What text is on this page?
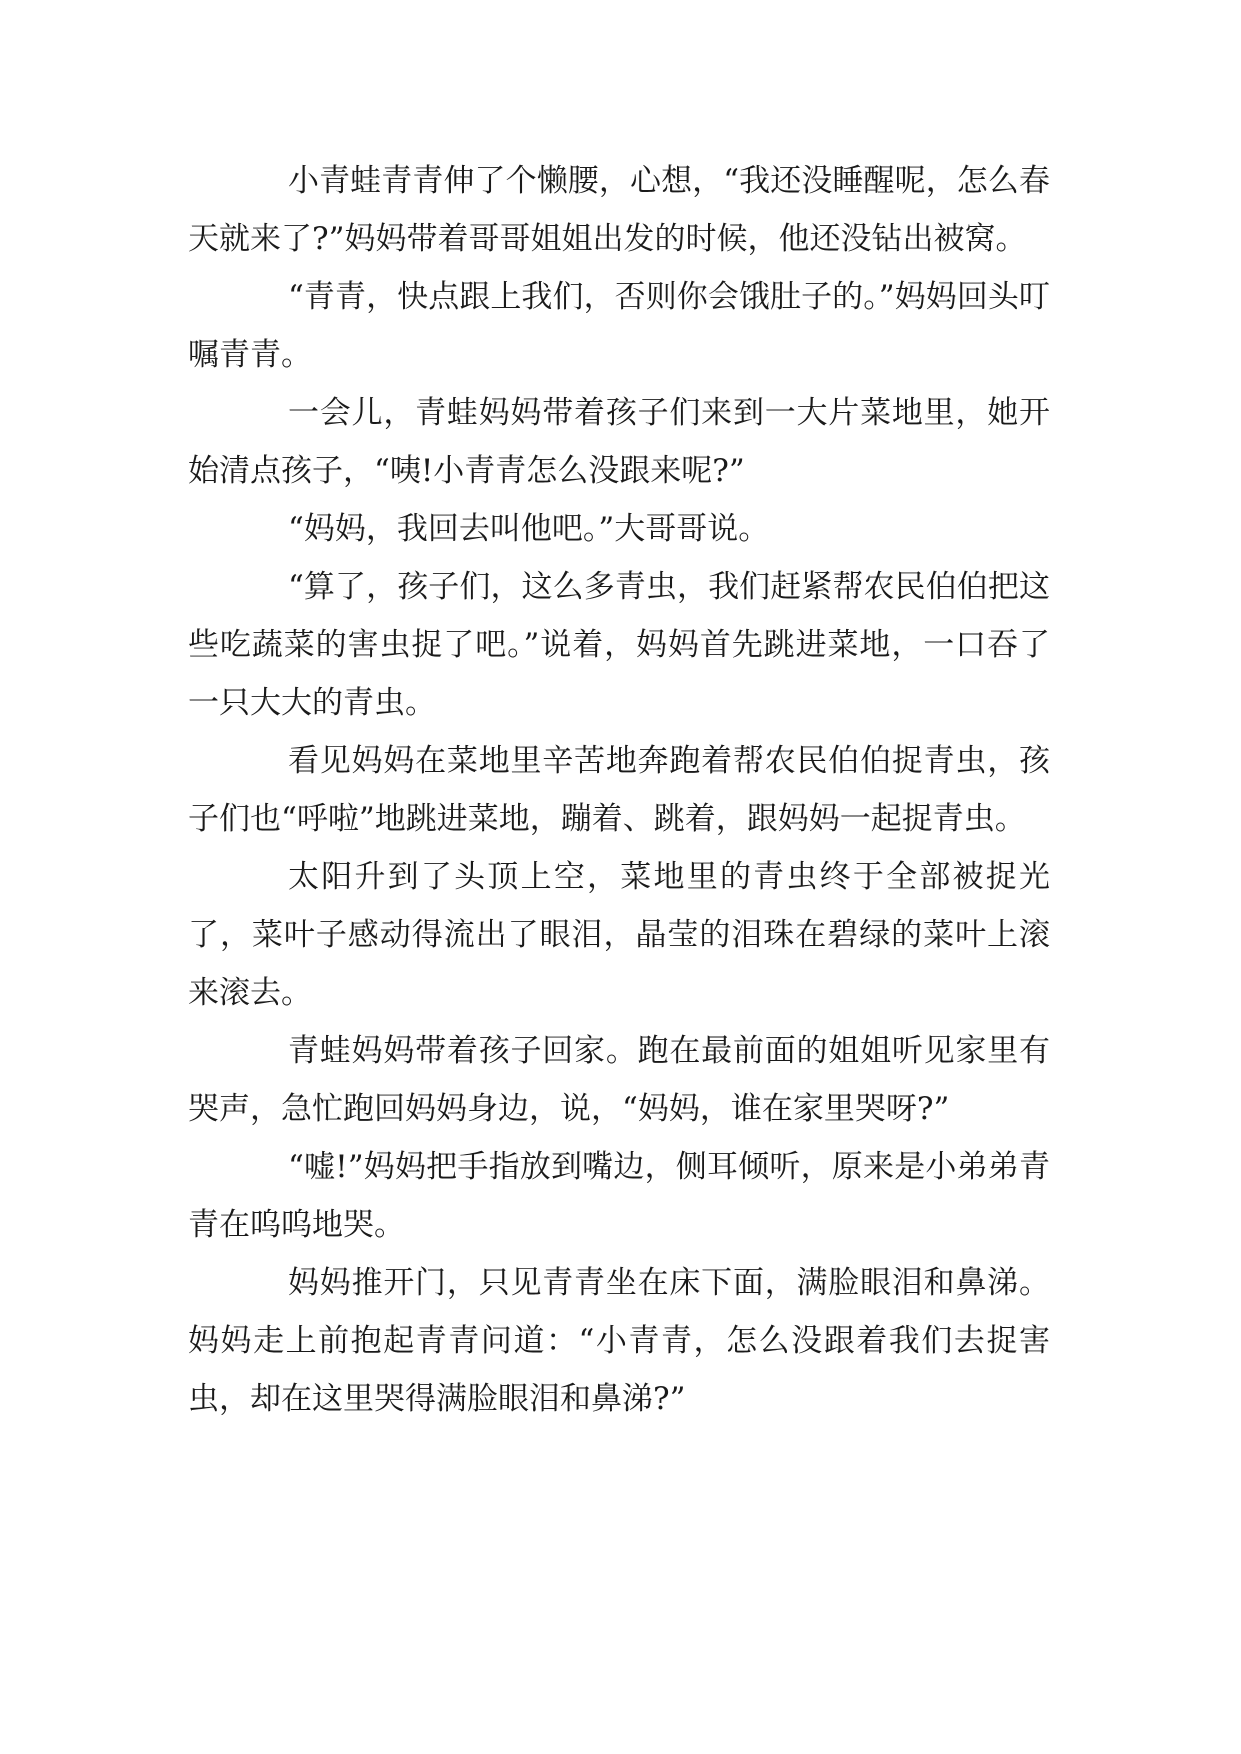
小青蛙青青伸了个懒腰，心想，“我还没睡醒呢，怎么春天就来了?”妈妈带着哥哥姐姐出发的时候，他还没钻出被窝。

“青青，快点跟上我们，否则你会饿肚子的。”妈妈回头叮嘱青青。

一会儿，青蛙妈妈带着孩子们来到一大片菜地里，她开始清点孩子，“咦!小青青怎么没跟来呢?”

“妈妈，我回去叫他吧。”大哥哥说。

“算了，孩子们，这么多青虫，我们赶紧帮农民伯伯把这些吃蔬菜的害虫捉了吧。”说着，妈妈首先跳进菜地，一口吞了一只大大的青虫。

看见妈妈在菜地里辛苦地奔跑着帮农民伯伯捉青虫，孩子们也“呼啦”地跳进菜地，蹦着、跳着，跟妈妈一起捉青虫。

太阳升到了头顶上空，菜地里的青虫终于全部被捉光了，菜叶子感动得流出了眼泪，晶莹的泪珠在碧绿的菜叶上滚来滚去。

青蛙妈妈带着孩子回家。跑在最前面的姐姐听见家里有哭声，急忙跑回妈妈身边，说，“妈妈，谁在家里哭呀?”

“嘘!”妈妈把手指放到嘴边，侧耳倾听，原来是小弟弟青青在呜呜地哭。

妈妈推开门，只见青青坐在床下面，满脸眼泪和鼻涕。妈妈走上前抱起青青问道：“小青青，怎么没跟着我们去捉害虫，却在这里哭得满脸眼泪和鼻涕?”
